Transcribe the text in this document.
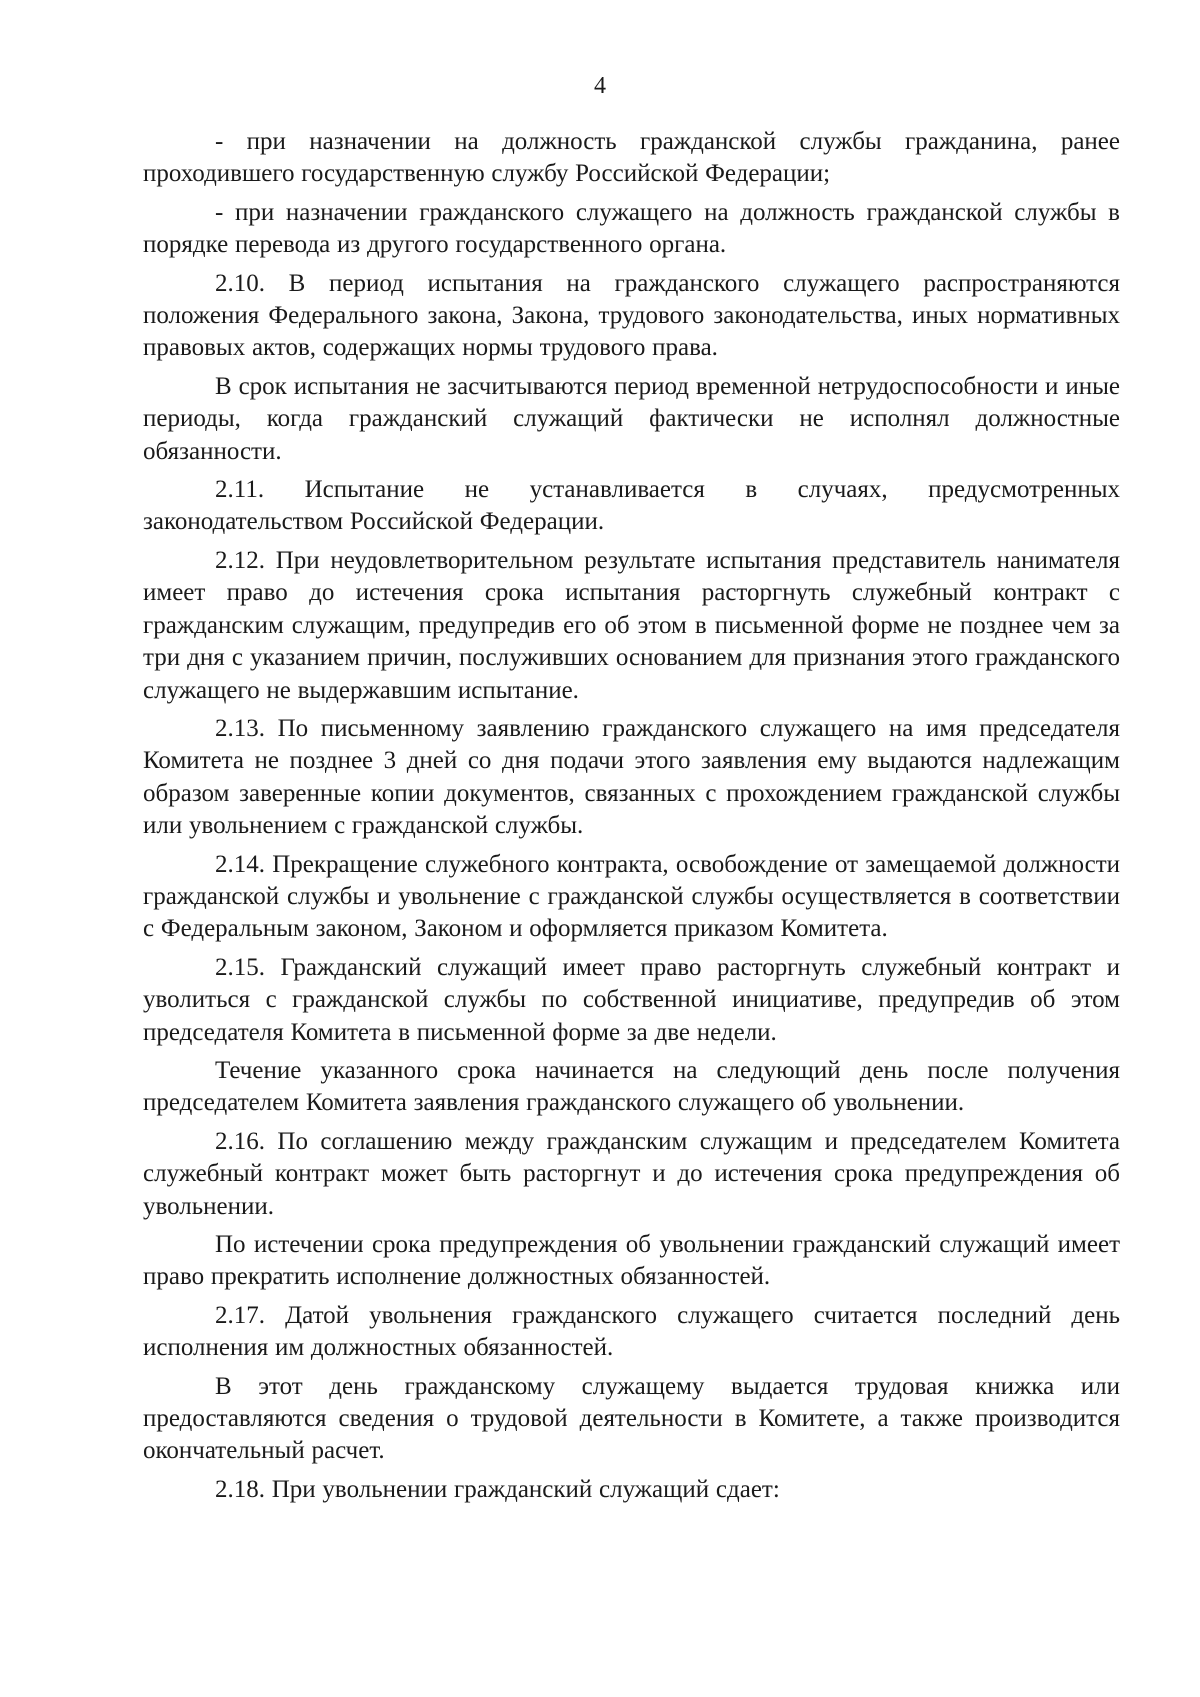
4

- при назначении на должность гражданской службы гражданина, ранее проходившего государственную службу Российской Федерации;

- при назначении гражданского служащего на должность гражданской службы в порядке перевода из другого государственного органа.

2.10. В период испытания на гражданского служащего распространяются положения Федерального закона, Закона, трудового законодательства, иных нормативных правовых актов, содержащих нормы трудового права.

В срок испытания не засчитываются период временной нетрудоспособности и иные периоды, когда гражданский служащий фактически не исполнял должностные обязанности.

2.11. Испытание не устанавливается в случаях, предусмотренных законодательством Российской Федерации.

2.12. При неудовлетворительном результате испытания представитель нанимателя имеет право до истечения срока испытания расторгнуть служебный контракт с гражданским служащим, предупредив его об этом в письменной форме не позднее чем за три дня с указанием причин, послуживших основанием для признания этого гражданского служащего не выдержавшим испытание.

2.13. По письменному заявлению гражданского служащего на имя председателя Комитета не позднее 3 дней со дня подачи этого заявления ему выдаются надлежащим образом заверенные копии документов, связанных с прохождением гражданской службы или увольнением с гражданской службы.

2.14. Прекращение служебного контракта, освобождение от замещаемой должности гражданской службы и увольнение с гражданской службы осуществляется в соответствии с Федеральным законом, Законом и оформляется приказом Комитета.

2.15. Гражданский служащий имеет право расторгнуть служебный контракт и уволиться с гражданской службы по собственной инициативе, предупредив об этом председателя Комитета в письменной форме за две недели.

Течение указанного срока начинается на следующий день после получения председателем Комитета заявления гражданского служащего об увольнении.

2.16. По соглашению между гражданским служащим и председателем Комитета служебный контракт может быть расторгнут и до истечения срока предупреждения об увольнении.

По истечении срока предупреждения об увольнении гражданский служащий имеет право прекратить исполнение должностных обязанностей.

2.17. Датой увольнения гражданского служащего считается последний день исполнения им должностных обязанностей.

В этот день гражданскому служащему выдается трудовая книжка или предоставляются сведения о трудовой деятельности в Комитете, а также производится окончательный расчет.

2.18. При увольнении гражданский служащий сдает:
